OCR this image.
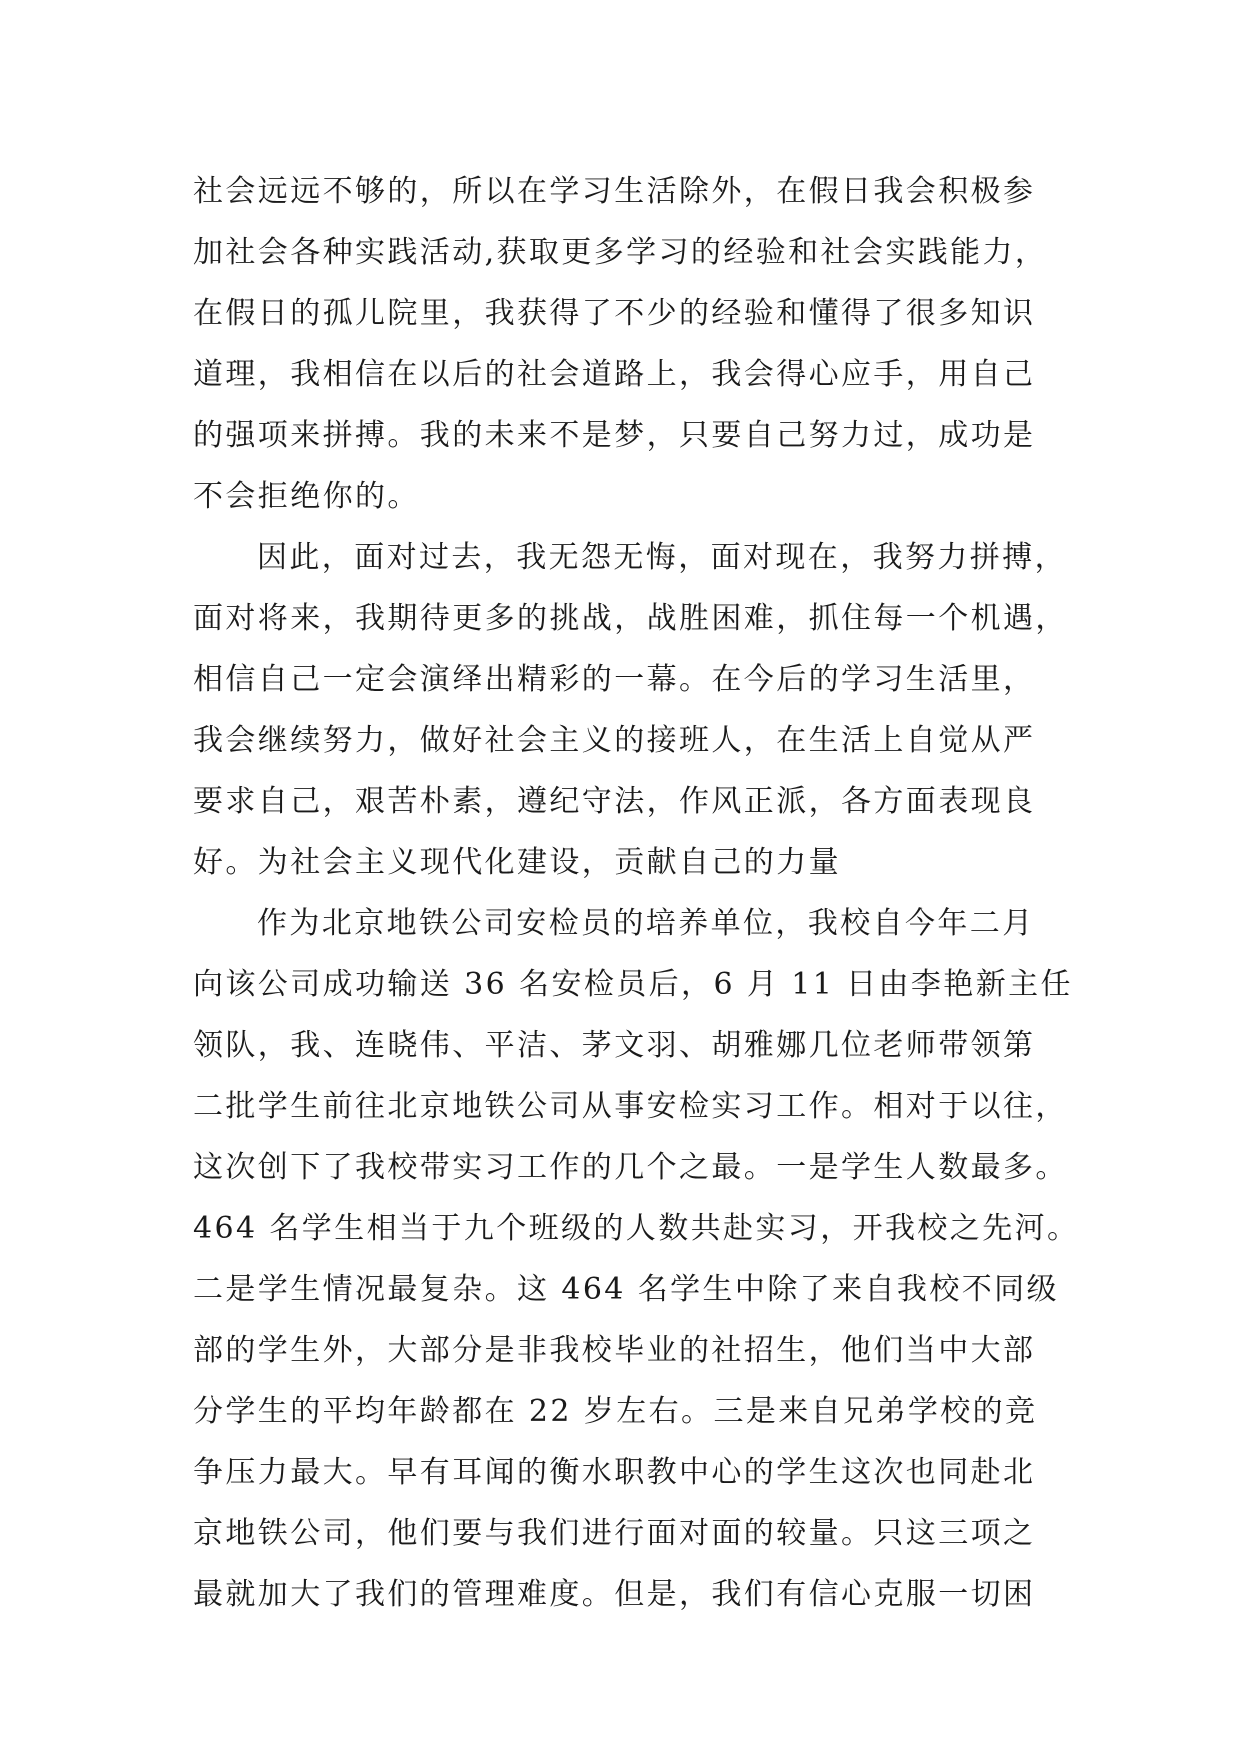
社会远远不够的，所以在学习生活除外，在假日我会积极参
加社会各种实践活动,获取更多学习的经验和社会实践能力，
在假日的孤儿院里，我获得了不少的经验和懂得了很多知识
道理，我相信在以后的社会道路上，我会得心应手，用自己
的强项来拼搏。我的未来不是梦，只要自己努力过，成功是
不会拒绝你的。
因此，面对过去，我无怨无悔，面对现在，我努力拼搏，
面对将来，我期待更多的挑战，战胜困难，抓住每一个机遇，
相信自己一定会演绎出精彩的一幕。在今后的学习生活里，
我会继续努力，做好社会主义的接班人，在生活上自觉从严
要求自己，艰苦朴素，遵纪守法，作风正派，各方面表现良
好。为社会主义现代化建设，贡献自己的力量
作为北京地铁公司安检员的培养单位，我校自今年二月
向该公司成功输送 36 名安检员后，6 月 11 日由李艳新主任
领队，我、连晓伟、平洁、茅文羽、胡雅娜几位老师带领第
二批学生前往北京地铁公司从事安检实习工作。相对于以往，
这次创下了我校带实习工作的几个之最。一是学生人数最多。
464 名学生相当于九个班级的人数共赴实习，开我校之先河。
二是学生情况最复杂。这 464 名学生中除了来自我校不同级
部的学生外，大部分是非我校毕业的社招生，他们当中大部
分学生的平均年龄都在 22 岁左右。三是来自兄弟学校的竞
争压力最大。早有耳闻的衡水职教中心的学生这次也同赴北
京地铁公司，他们要与我们进行面对面的较量。只这三项之
最就加大了我们的管理难度。但是，我们有信心克服一切困
